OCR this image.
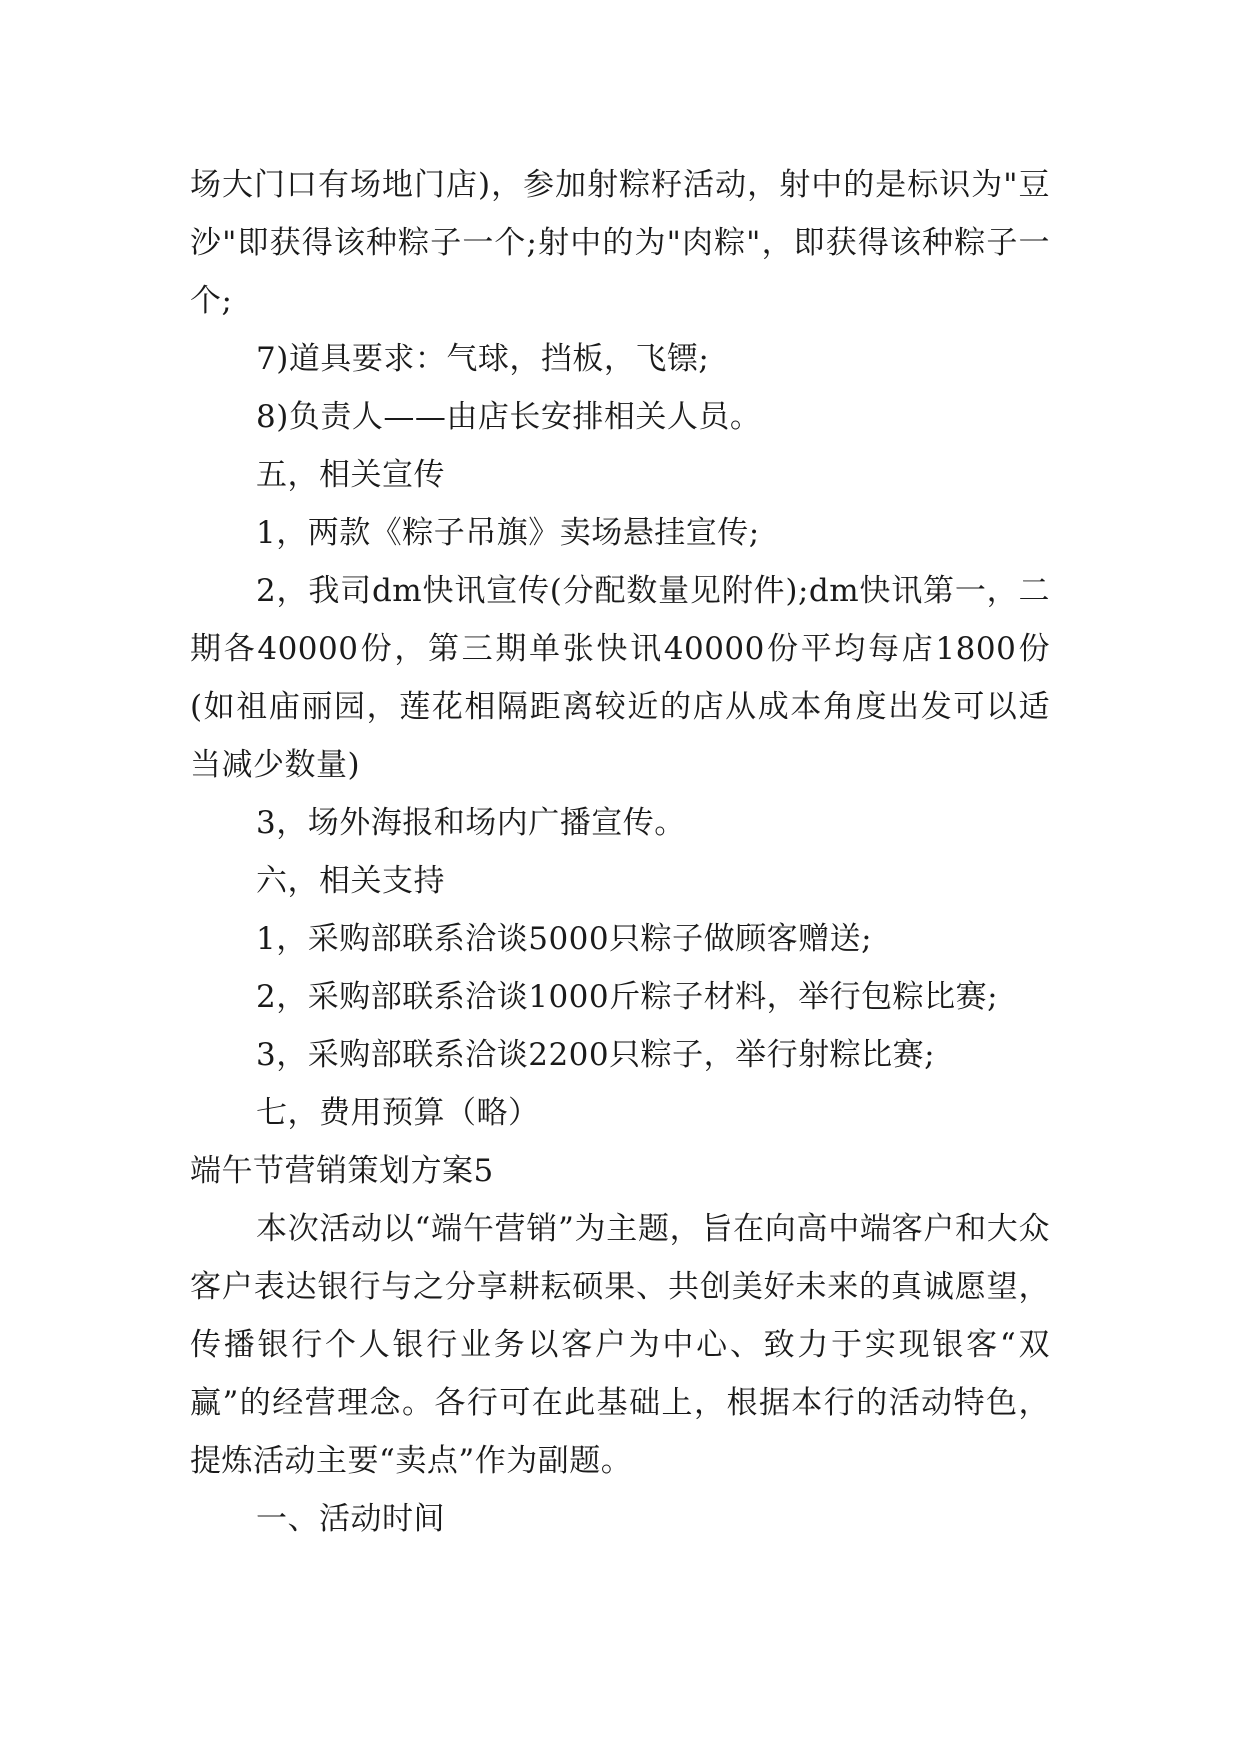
场大门口有场地门店)，参加射粽籽活动，射中的是标识为"豆沙"即获得该种粽子一个;射中的为"肉粽"，即获得该种粽子一个;

7)道具要求：气球，挡板，飞镖;

8)负责人——由店长安排相关人员。

五，相关宣传

1，两款《粽子吊旗》卖场悬挂宣传;

2，我司dm快讯宣传(分配数量见附件);dm快讯第一，二期各40000份，第三期单张快讯40000份平均每店1800份(如祖庙丽园，莲花相隔距离较近的店从成本角度出发可以适当减少数量)

3，场外海报和场内广播宣传。

六，相关支持

1，采购部联系洽谈5000只粽子做顾客赠送;

2，采购部联系洽谈1000斤粽子材料，举行包粽比赛;

3，采购部联系洽谈2200只粽子，举行射粽比赛;

七，费用预算（略）

端午节营销策划方案5

本次活动以“端午营销”为主题，旨在向高中端客户和大众客户表达银行与之分享耕耘硕果、共创美好未来的真诚愿望，传播银行个人银行业务以客户为中心、致力于实现银客“双赢”的经营理念。各行可在此基础上，根据本行的活动特色，提炼活动主要“卖点”作为副题。

一、活动时间
